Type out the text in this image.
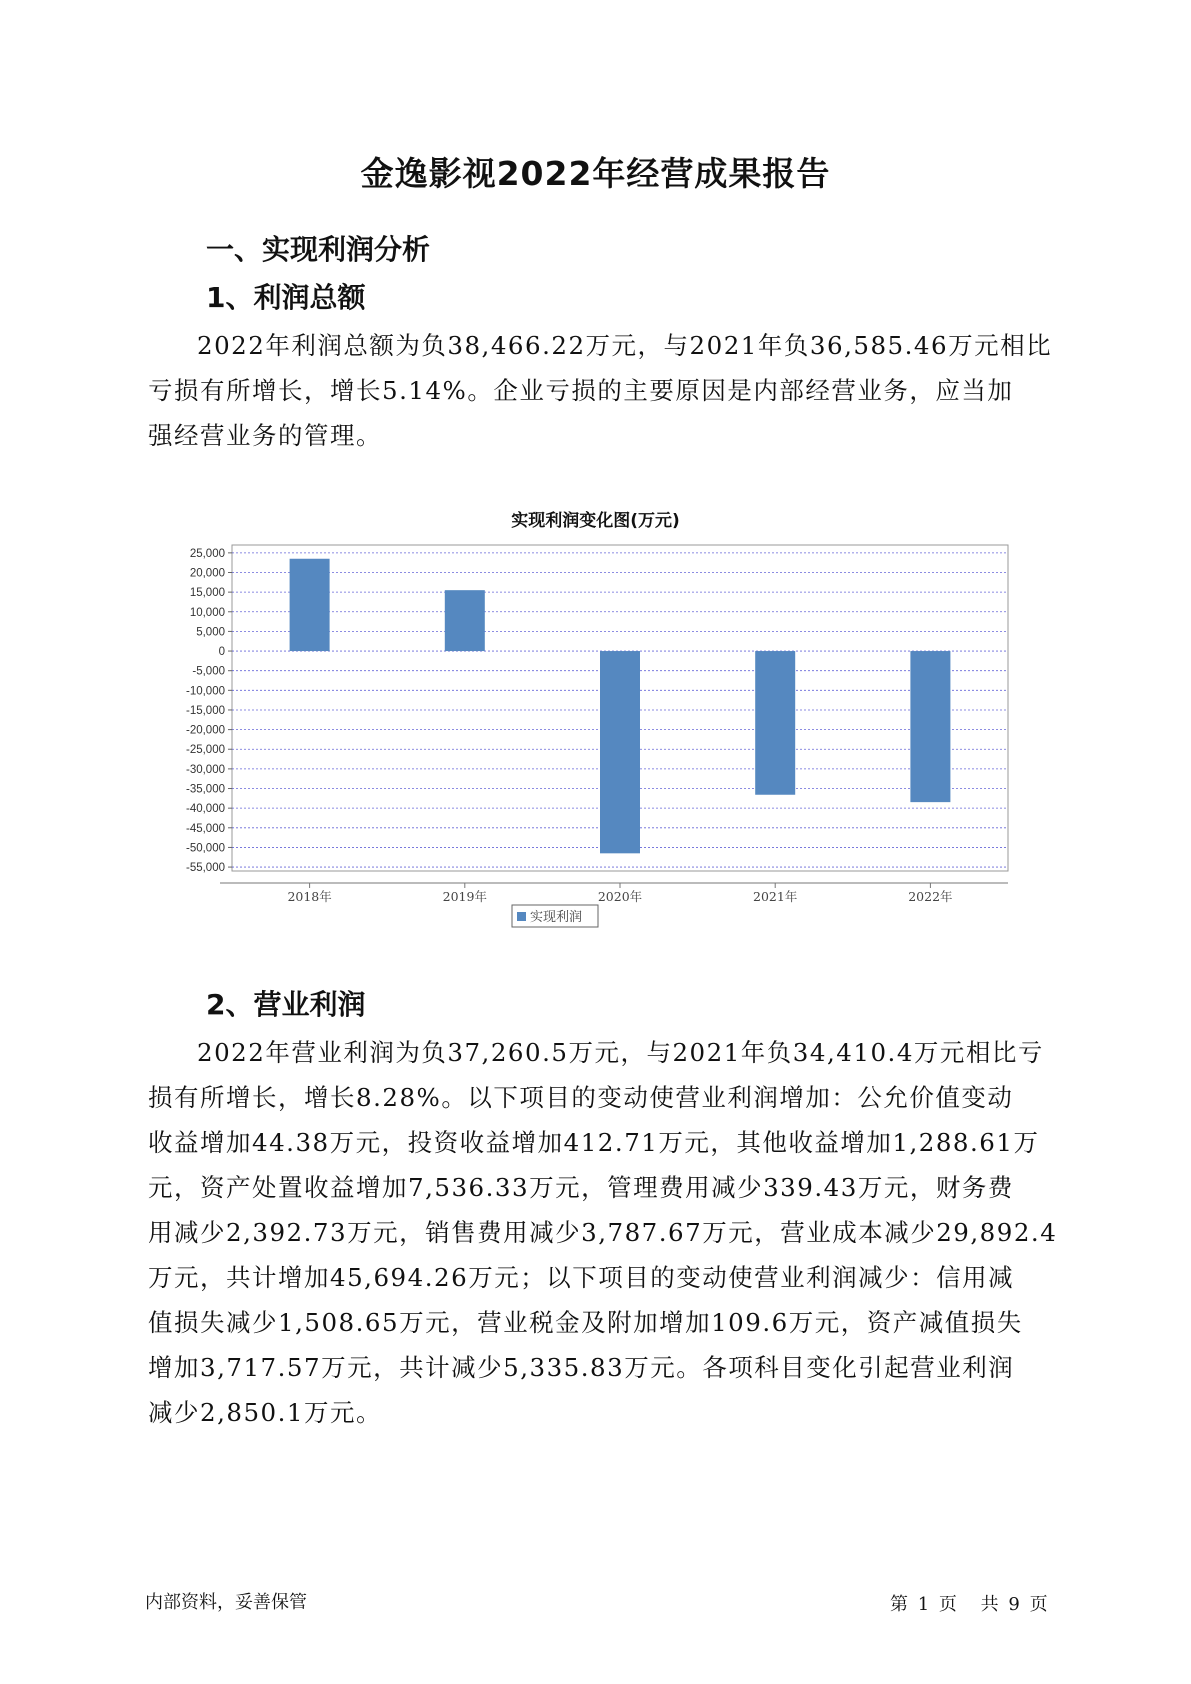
金逸影视2022年经营成果报告
一、实现利润分析
1、利润总额
2022年利润总额为负38,466.22万元，与2021年负36,585.46万元相比
亏损有所增长，增长5.14%。企业亏损的主要原因是内部经营业务，应当加
强经营业务的管理。
实现利润变化图(万元)
25,000
20,000
15,000
10,000
5,000
0
-5,000
-10,000
-15,000
-20,000
-25,000
-30,000
-35,000
-40,000
-45,000
-50,000
-55,000
2018年	2019年	2020年	2021年	2022年
实现利润
2、营业利润
2022年营业利润为负37,260.5万元，与2021年负34,410.4万元相比亏
损有所增长，增长8.28%。以下项目的变动使营业利润增加：公允价值变动
收益增加44.38万元，投资收益增加412.71万元，其他收益增加1,288.61万
元，资产处置收益增加7,536.33万元，管理费用减少339.43万元，财务费
用减少2,392.73万元，销售费用减少3,787.67万元，营业成本减少29,892.4
万元，共计增加45,694.26万元；以下项目的变动使营业利润减少：信用减
值损失减少1,508.65万元，营业税金及附加增加109.6万元，资产减值损失
增加3,717.57万元，共计减少5,335.83万元。各项科目变化引起营业利润
减少2,850.1万元。
内部资料，妥善保管	第 1 页 共 9 页
